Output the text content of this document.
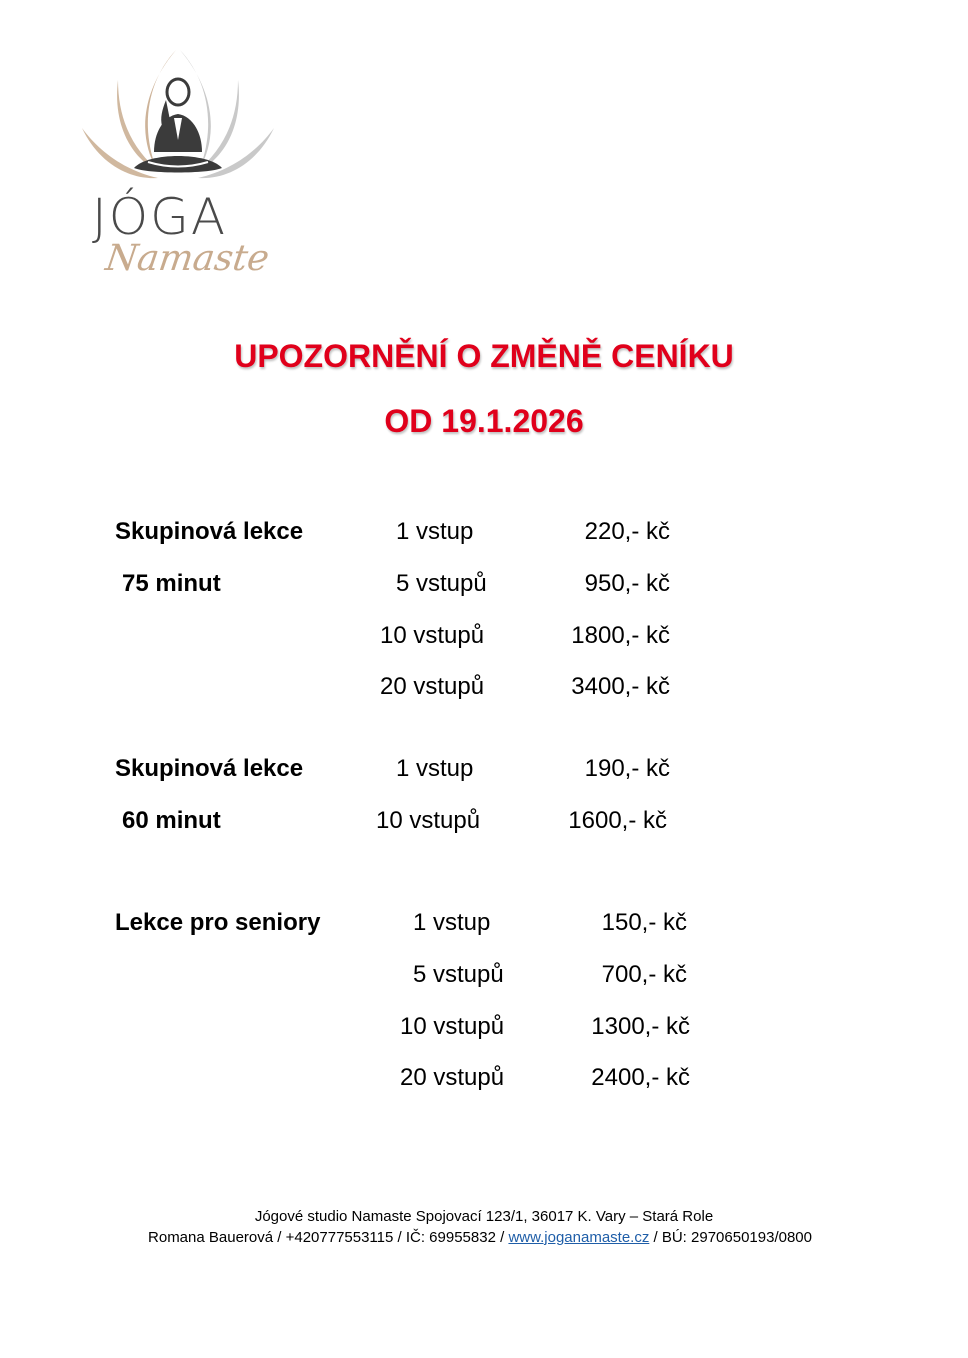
JÓGA
Namaste
UPOZORNĚNÍ O ZMĚNĚ CENÍKU
OD 19.1.2026
Skupinová lekce
75 minut
1 vstup	220,- kč
5 vstupů	950,- kč
10 vstupů	1800,- kč
20 vstupů	3400,- kč
Skupinová lekce
60 minut
1 vstup	190,- kč
10 vstupů	1600,- kč
Lekce pro seniory	1 vstup	150,- kč
5 vstupů	700,- kč
10 vstupů	1300,- kč
20 vstupů	2400,- kč
Jógové studio Namaste Spojovací 123/1, 36017 K. Vary – Stará Role
Romana Bauerová / +420777553115 / IČ: 69955832 / www.joganamaste.cz / BÚ: 2970650193/0800
